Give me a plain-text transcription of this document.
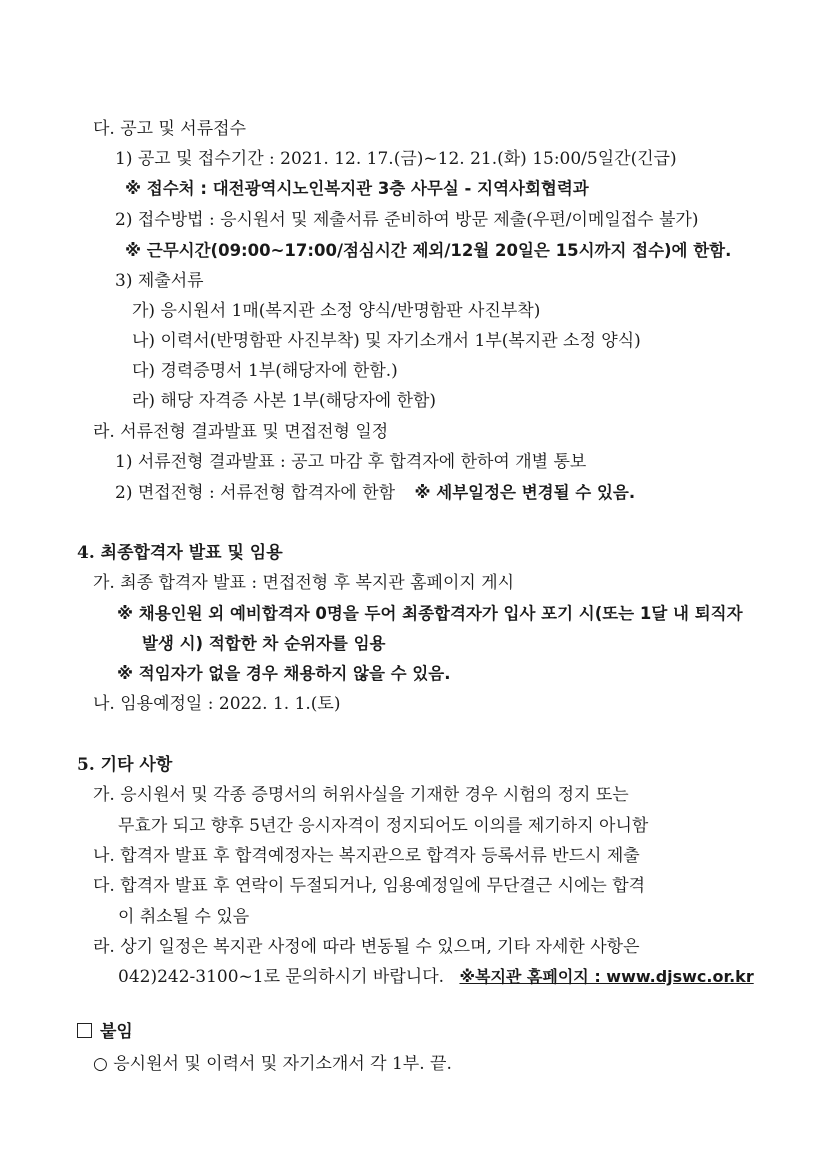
다. 공고 및 서류접수
1) 공고 및 접수기간 : 2021. 12. 17.(금)~12. 21.(화) 15:00/5일간(긴급)
※ 접수처 : 대전광역시노인복지관 3층 사무실 - 지역사회협력과
2) 접수방법 : 응시원서 및 제출서류 준비하여 방문 제출(우편/이메일접수 불가)
※ 근무시간(09:00~17:00/점심시간 제외/12월 20일은 15시까지 접수)에 한함.
3) 제출서류
가) 응시원서 1매(복지관 소정 양식/반명함판 사진부착)
나) 이력서(반명함판 사진부착) 및 자기소개서 1부(복지관 소정 양식)
다) 경력증명서 1부(해당자에 한함.)
라) 해당 자격증 사본 1부(해당자에 한함)
라. 서류전형 결과발표 및 면접전형 일정
1) 서류전형 결과발표 : 공고 마감 후 합격자에 한하여 개별 통보
2) 면접전형 : 서류전형 합격자에 한함 ※ 세부일정은 변경될 수 있음.
4. 최종합격자 발표 및 임용
가. 최종 합격자 발표 : 면접전형 후 복지관 홈페이지 게시
※ 채용인원 외 예비합격자 0명을 두어 최종합격자가 입사 포기 시(또는 1달 내 퇴직자
발생 시) 적합한 차 순위자를 임용
※ 적임자가 없을 경우 채용하지 않을 수 있음.
나. 임용예정일 : 2022. 1. 1.(토)
5. 기타 사항
가. 응시원서 및 각종 증명서의 허위사실을 기재한 경우 시험의 정지 또는
무효가 되고 향후 5년간 응시자격이 정지되어도 이의를 제기하지 아니함
나. 합격자 발표 후 합격예정자는 복지관으로 합격자 등록서류 반드시 제출
다. 합격자 발표 후 연락이 두절되거나, 임용예정일에 무단결근 시에는 합격
이 취소될 수 있음
라. 상기 일정은 복지관 사정에 따라 변동될 수 있으며, 기타 자세한 사항은
042)242-3100~1로 문의하시기 바랍니다. ※복지관 홈페이지 : www.djswc.or.kr
붙임
○ 응시원서 및 이력서 및 자기소개서 각 1부. 끝.
